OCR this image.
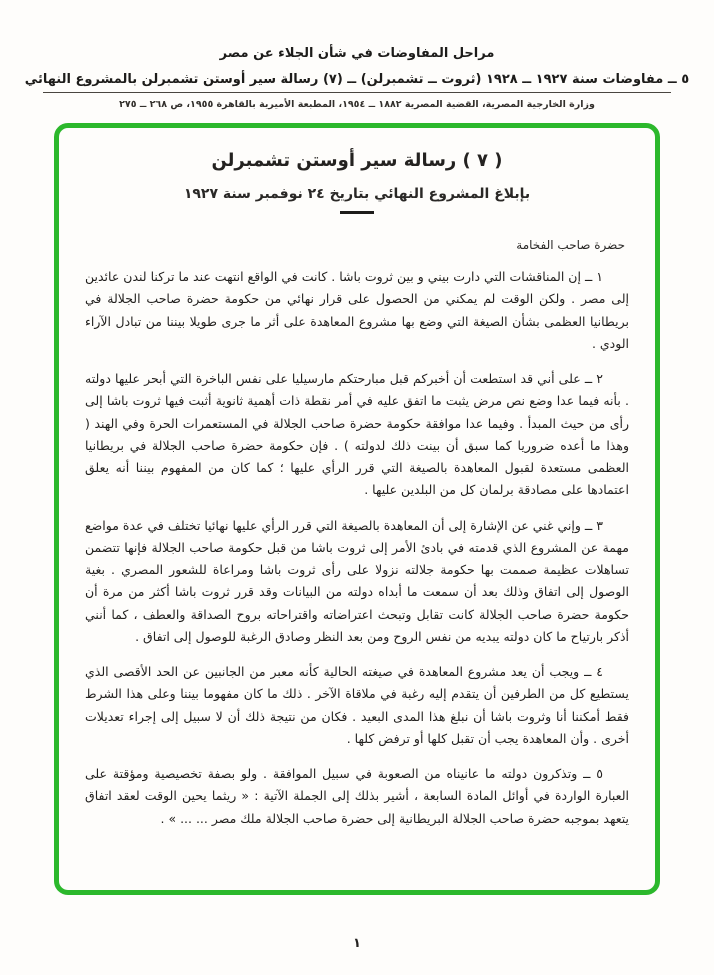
مراحل المفاوضات في شأن الجلاء عن مصر
٥ ــ مفاوضات سنة ١٩٢٧ ــ ١٩٢٨ (ثروت ــ تشمبرلن) ــ (٧) رسالة سير أوستن تشمبرلن بالمشروع النهائي
وزارة الخارجية المصرية، القضية المصرية ١٨٨٢ ــ ١٩٥٤، المطبعة الأميرية بالقاهرة ١٩٥٥، ص ٢٦٨ ــ ٢٧٥
( ٧ ) رسالة سير أوستن تشمبرلن
بإبلاغ المشروع النهائي بتاريخ ٢٤ نوفمبر سنة ١٩٢٧
حضرة صاحب الفخامة

١ ــ إن المناقشات التي دارت بيني و بين ثروت باشا . كانت في الواقع انتهت عند ما تركنا لندن عائدين إلى مصر . ولكن الوقت لم يمكني من الحصول على قرار نهائي من حكومة حضرة صاحب الجلالة في بريطانيا العظمى بشأن الصيغة التي وضع بها مشروع المعاهدة على أثر ما جرى طويلا بيننا من تبادل الآراء الودي .

٢ ــ على أني قد استطعت أن أخبركم قبل مبارحتكم مارسيليا على نفس الباخرة التي أبحر عليها دولته . بأنه فيما عدا وضع نص مرض يثبت ما اتفق عليه في أمر نقطة ذات أهمية ثانوية أثبت فيها ثروت باشا إلى رأى من حيث المبدأ . وفيما عدا موافقة حكومة حضرة صاحب الجلالة في المستعمرات الحرة وفي الهند ( وهذا ما أعده ضروريا كما سبق أن بينت ذلك لدولته ) . فإن حكومة حضرة صاحب الجلالة في بريطانيا العظمى مستعدة لقبول المعاهدة بالصيغة التي قرر الرأي عليها ؛ كما كان من المفهوم بيننا أنه يعلق اعتمادها على مصادقة برلمان كل من البلدين عليها .

٣ ــ وإني غني عن الإشارة إلى أن المعاهدة بالصيغة التي قرر الرأي عليها نهائيا تختلف في عدة مواضع مهمة عن المشروع الذي قدمته في بادئ الأمر إلى ثروت باشا من قبل حكومة صاحب الجلالة فإنها تتضمن تساهلات عظيمة صممت بها حكومة جلالته نزولا على رأى ثروت باشا ومراعاة للشعور المصري . بغية الوصول إلى اتفاق وذلك بعد أن سمعت ما أبداه دولته من البيانات وقد قرر ثروت باشا أكثر من مرة أن حكومة حضرة صاحب الجلالة كانت تقابل وتبحث اعتراضاته واقتراحاته بروح الصداقة والعطف ، كما أنني أذكر بارتياح ما كان دولته يبديه من نفس الروح ومن بعد النظر وصادق الرغبة للوصول إلى اتفاق .

٤ ــ ويجب أن يعد مشروع المعاهدة في صيغته الحالية كأنه معبر من الجانبين عن الحد الأقصى الذي يستطيع كل من الطرفين أن يتقدم إليه رغبة في ملاقاة الآخر . ذلك ما كان مفهوما بيننا وعلى هذا الشرط فقط أمكننا أنا وثروت باشا أن نبلغ هذا المدى البعيد . فكان من نتيجة ذلك أن لا سبيل إلى إجراء تعديلات أخرى . وأن المعاهدة يجب أن تقبل كلها أو ترفض كلها .

٥ ــ وتذكرون دولته ما عانيناه من الصعوبة في سبيل الموافقة . ولو بصفة تخصيصية ومؤقتة على العبارة الواردة في أوائل المادة السابعة ، أشير بذلك إلى الجملة الآتية : « ريثما يحين الوقت لعقد اتفاق يتعهد بموجبه حضرة صاحب الجلالة البريطانية إلى حضرة صاحب الجلالة ملك مصر ... ... » .

١
